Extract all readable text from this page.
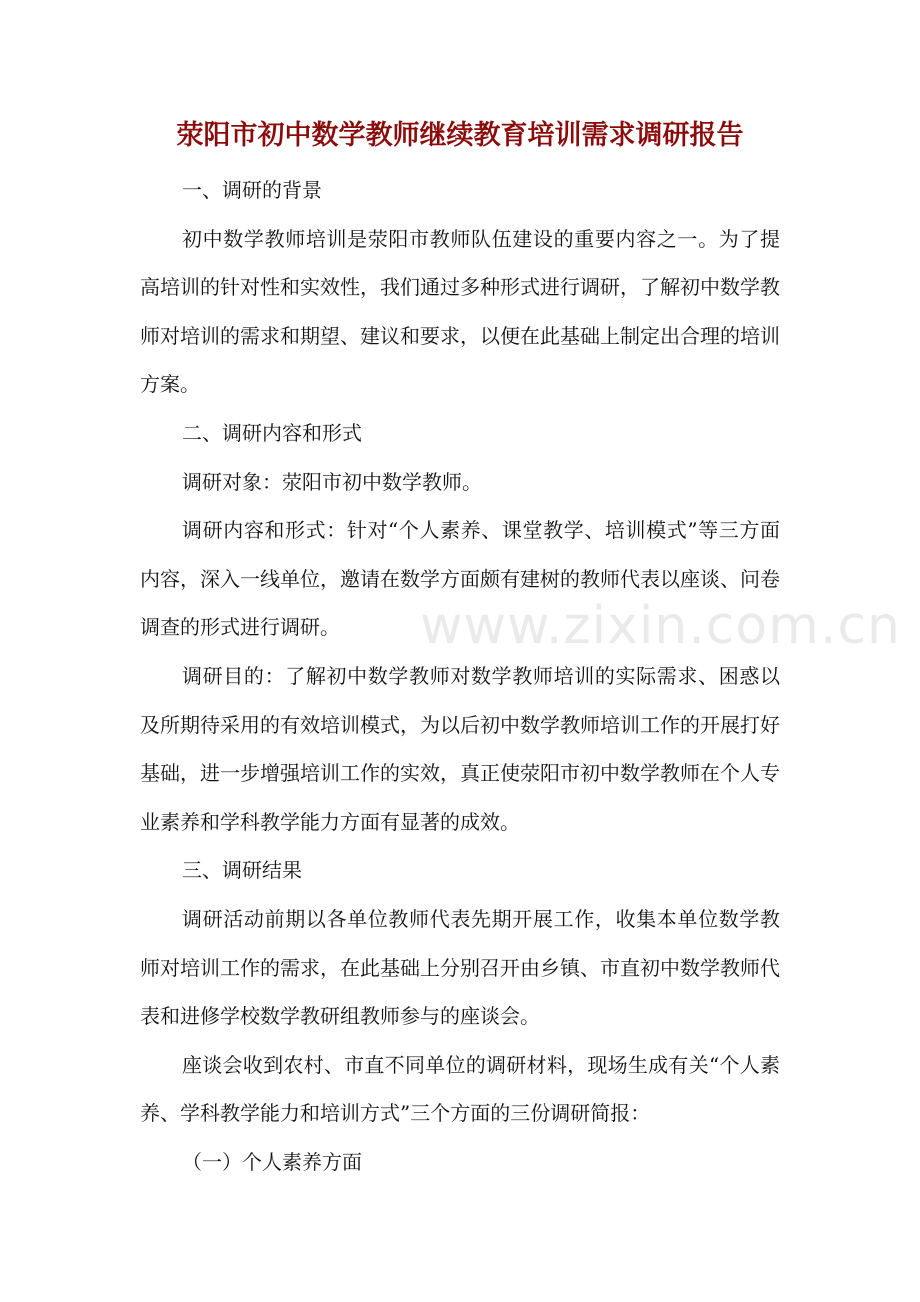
荥阳市初中数学教师继续教育培训需求调研报告

一、调研的背景

初中数学教师培训是荥阳市教师队伍建设的重要内容之一。为了提高培训的针对性和实效性，我们通过多种形式进行调研，了解初中数学教师对培训的需求和期望、建议和要求，以便在此基础上制定出合理的培训方案。

二、调研内容和形式

调研对象：荥阳市初中数学教师。

调研内容和形式：针对“个人素养、课堂教学、培训模式”等三方面内容，深入一线单位，邀请在数学方面颇有建树的教师代表以座谈、问卷调查的形式进行调研。

调研目的：了解初中数学教师对数学教师培训的实际需求、困惑以及所期待采用的有效培训模式，为以后初中数学教师培训工作的开展打好基础，进一步增强培训工作的实效，真正使荥阳市初中数学教师在个人专业素养和学科教学能力方面有显著的成效。

三、调研结果

调研活动前期以各单位教师代表先期开展工作，收集本单位数学教师对培训工作的需求，在此基础上分别召开由乡镇、市直初中数学教师代表和进修学校数学教研组教师参与的座谈会。

座谈会收到农村、市直不同单位的调研材料，现场生成有关“个人素养、学科教学能力和培训方式”三个方面的三份调研简报：

（一）个人素养方面

www.zixin.com.cn
